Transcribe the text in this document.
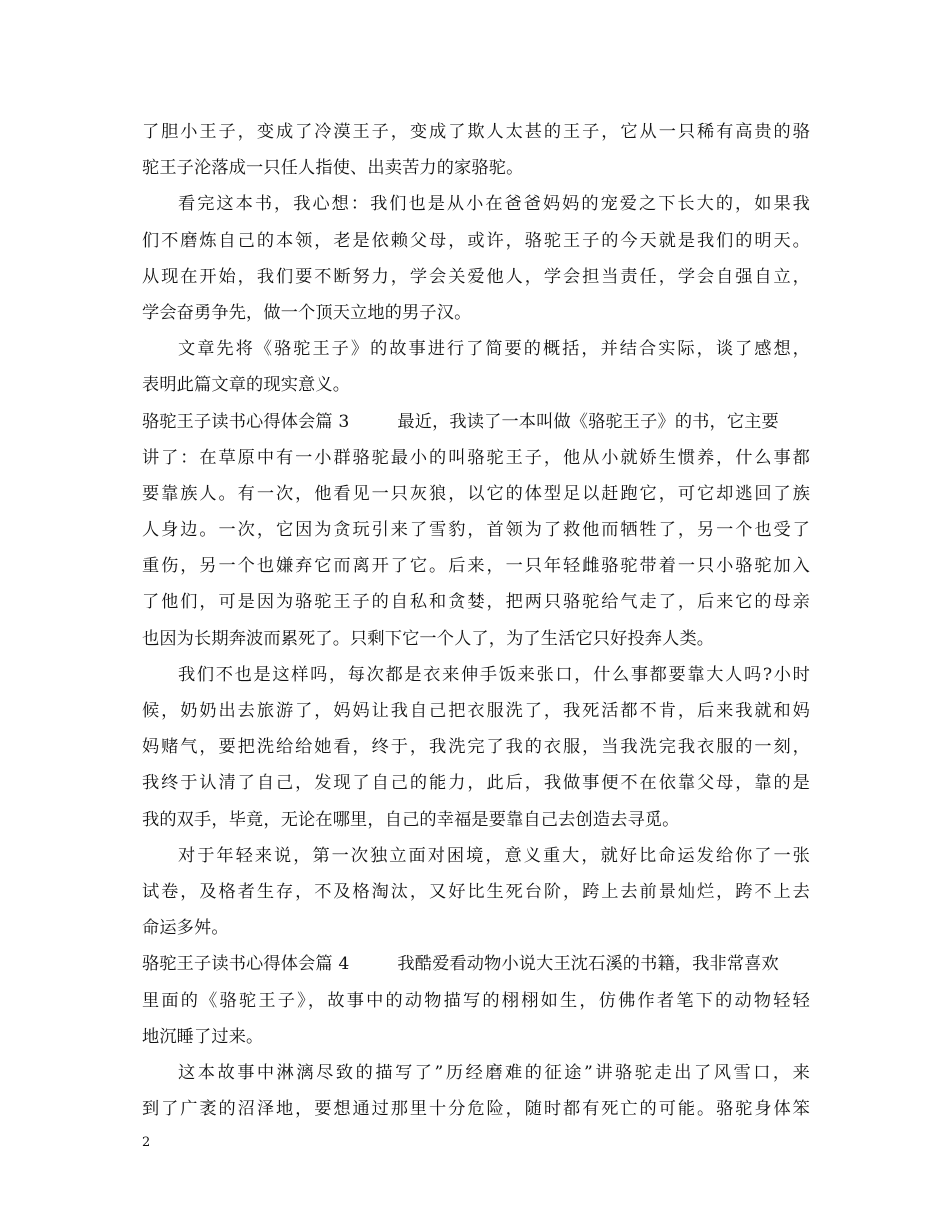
了胆小王子，变成了冷漠王子，变成了欺人太甚的王子，它从一只稀有高贵的骆
驼王子沦落成一只任人指使、出卖苦力的家骆驼。
看完这本书，我心想：我们也是从小在爸爸妈妈的宠爱之下长大的，如果我
们不磨炼自己的本领，老是依赖父母，或许，骆驼王子的今天就是我们的明天。
从现在开始，我们要不断努力，学会关爱他人，学会担当责任，学会自强自立，
学会奋勇争先，做一个顶天立地的男子汉。
文章先将《骆驼王子》的故事进行了简要的概括，并结合实际，谈了感想，
表明此篇文章的现实意义。
骆驼王子读书心得体会篇 3	最近，我读了一本叫做《骆驼王子》的书，它主要
讲了：在草原中有一小群骆驼最小的叫骆驼王子，他从小就娇生惯养，什么事都
要靠族人。有一次，他看见一只灰狼，以它的体型足以赶跑它，可它却逃回了族
人身边。一次，它因为贪玩引来了雪豹，首领为了救他而牺牲了，另一个也受了
重伤，另一个也嫌弃它而离开了它。后来，一只年轻雌骆驼带着一只小骆驼加入
了他们，可是因为骆驼王子的自私和贪婪，把两只骆驼给气走了，后来它的母亲
也因为长期奔波而累死了。只剩下它一个人了，为了生活它只好投奔人类。
我们不也是这样吗，每次都是衣来伸手饭来张口，什么事都要靠大人吗?小时
候，奶奶出去旅游了，妈妈让我自己把衣服洗了，我死活都不肯，后来我就和妈
妈赌气，要把洗给给她看，终于，我洗完了我的衣服，当我洗完我衣服的一刻，
我终于认清了自己，发现了自己的能力，此后，我做事便不在依靠父母，靠的是
我的双手，毕竟，无论在哪里，自己的幸福是要靠自己去创造去寻觅。
对于年轻来说，第一次独立面对困境，意义重大，就好比命运发给你了一张
试卷，及格者生存，不及格淘汰，又好比生死台阶，跨上去前景灿烂，跨不上去
命运多舛。
骆驼王子读书心得体会篇 4	我酷爱看动物小说大王沈石溪的书籍，我非常喜欢
里面的《骆驼王子》，故事中的动物描写的栩栩如生，仿佛作者笔下的动物轻轻
地沉睡了过来。
这本故事中淋漓尽致的描写了”历经磨难的征途”讲骆驼走出了风雪口，来
到了广袤的沼泽地，要想通过那里十分危险，随时都有死亡的可能。骆驼身体笨
2
